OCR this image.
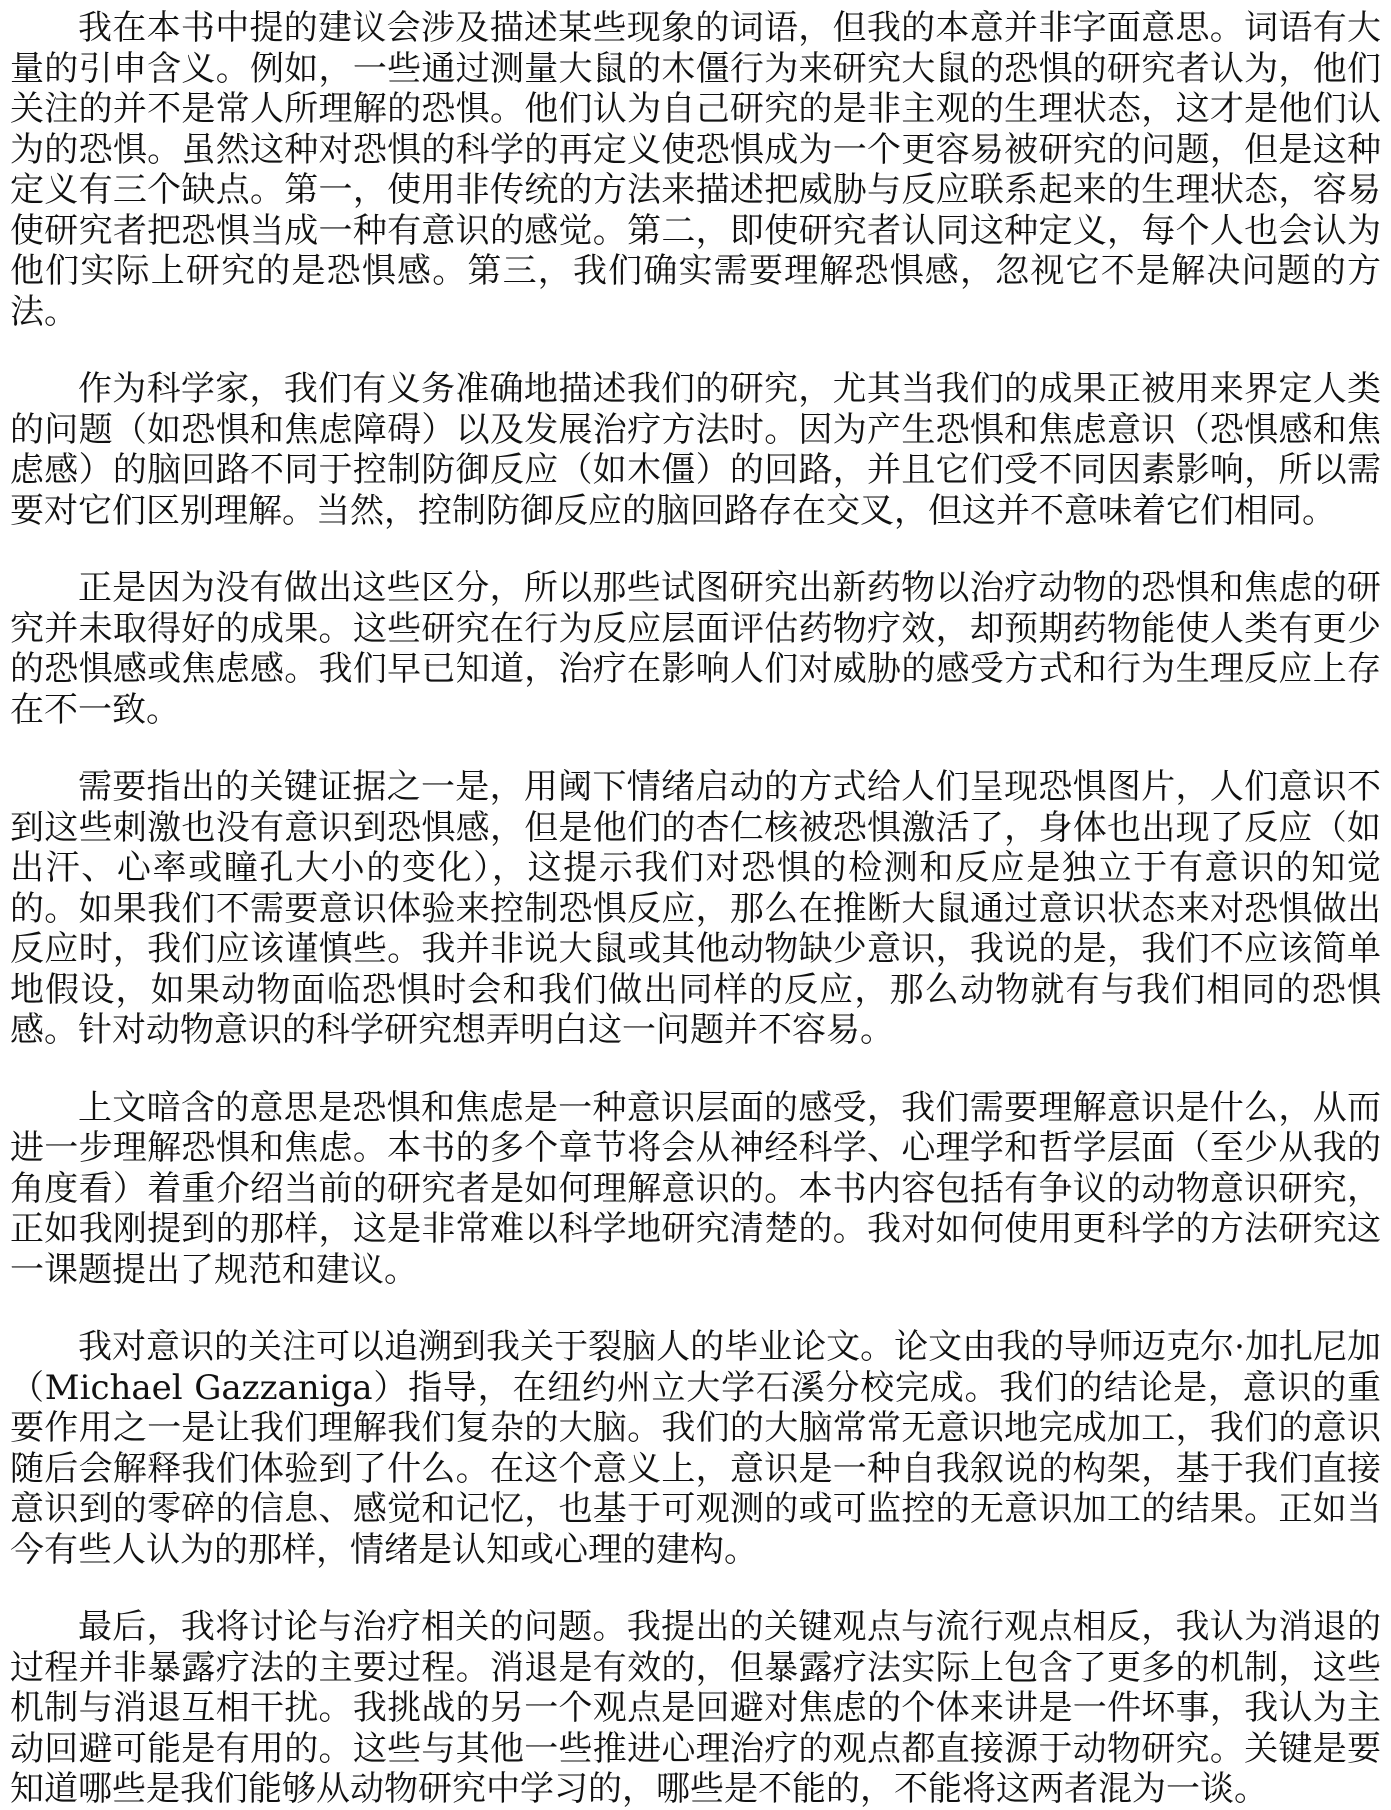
我在本书中提的建议会涉及描述某些现象的词语，但我的本意并非字面意思。词语有大量的引申含义。例如，一些通过测量大鼠的木僵行为来研究大鼠的恐惧的研究者认为，他们关注的并不是常人所理解的恐惧。他们认为自己研究的是非主观的生理状态，这才是他们认为的恐惧。虽然这种对恐惧的科学的再定义使恐惧成为一个更容易被研究的问题，但是这种定义有三个缺点。第一，使用非传统的方法来描述把威胁与反应联系起来的生理状态，容易使研究者把恐惧当成一种有意识的感觉。第二，即使研究者认同这种定义，每个人也会认为他们实际上研究的是恐惧感。第三，我们确实需要理解恐惧感，忽视它不是解决问题的方法。

作为科学家，我们有义务准确地描述我们的研究，尤其当我们的成果正被用来界定人类的问题（如恐惧和焦虑障碍）以及发展治疗方法时。因为产生恐惧和焦虑意识（恐惧感和焦虑感）的脑回路不同于控制防御反应（如木僵）的回路，并且它们受不同因素影响，所以需要对它们区别理解。当然，控制防御反应的脑回路存在交叉，但这并不意味着它们相同。

正是因为没有做出这些区分，所以那些试图研究出新药物以治疗动物的恐惧和焦虑的研究并未取得好的成果。这些研究在行为反应层面评估药物疗效，却预期药物能使人类有更少的恐惧感或焦虑感。我们早已知道，治疗在影响人们对威胁的感受方式和行为生理反应上存在不一致。

需要指出的关键证据之一是，用阈下情绪启动的方式给人们呈现恐惧图片，人们意识不到这些刺激也没有意识到恐惧感，但是他们的杏仁核被恐惧激活了，身体也出现了反应（如出汗、心率或瞳孔大小的变化），这提示我们对恐惧的检测和反应是独立于有意识的知觉的。如果我们不需要意识体验来控制恐惧反应，那么在推断大鼠通过意识状态来对恐惧做出反应时，我们应该谨慎些。我并非说大鼠或其他动物缺少意识，我说的是，我们不应该简单地假设，如果动物面临恐惧时会和我们做出同样的反应，那么动物就有与我们相同的恐惧感。针对动物意识的科学研究想弄明白这一问题并不容易。

上文暗含的意思是恐惧和焦虑是一种意识层面的感受，我们需要理解意识是什么，从而进一步理解恐惧和焦虑。本书的多个章节将会从神经科学、心理学和哲学层面（至少从我的角度看）着重介绍当前的研究者是如何理解意识的。本书内容包括有争议的动物意识研究，正如我刚提到的那样，这是非常难以科学地研究清楚的。我对如何使用更科学的方法研究这一课题提出了规范和建议。

我对意识的关注可以追溯到我关于裂脑人的毕业论文。论文由我的导师迈克尔·加扎尼加（Michael Gazzaniga）指导，在纽约州立大学石溪分校完成。我们的结论是，意识的重要作用之一是让我们理解我们复杂的大脑。我们的大脑常常无意识地完成加工，我们的意识随后会解释我们体验到了什么。在这个意义上，意识是一种自我叙说的构架，基于我们直接意识到的零碎的信息、感觉和记忆，也基于可观测的或可监控的无意识加工的结果。正如当今有些人认为的那样，情绪是认知或心理的建构。

最后，我将讨论与治疗相关的问题。我提出的关键观点与流行观点相反，我认为消退的过程并非暴露疗法的主要过程。消退是有效的，但暴露疗法实际上包含了更多的机制，这些机制与消退互相干扰。我挑战的另一个观点是回避对焦虑的个体来讲是一件坏事，我认为主动回避可能是有用的。这些与其他一些推进心理治疗的观点都直接源于动物研究。关键是要知道哪些是我们能够从动物研究中学习的，哪些是不能的，不能将这两者混为一谈。
